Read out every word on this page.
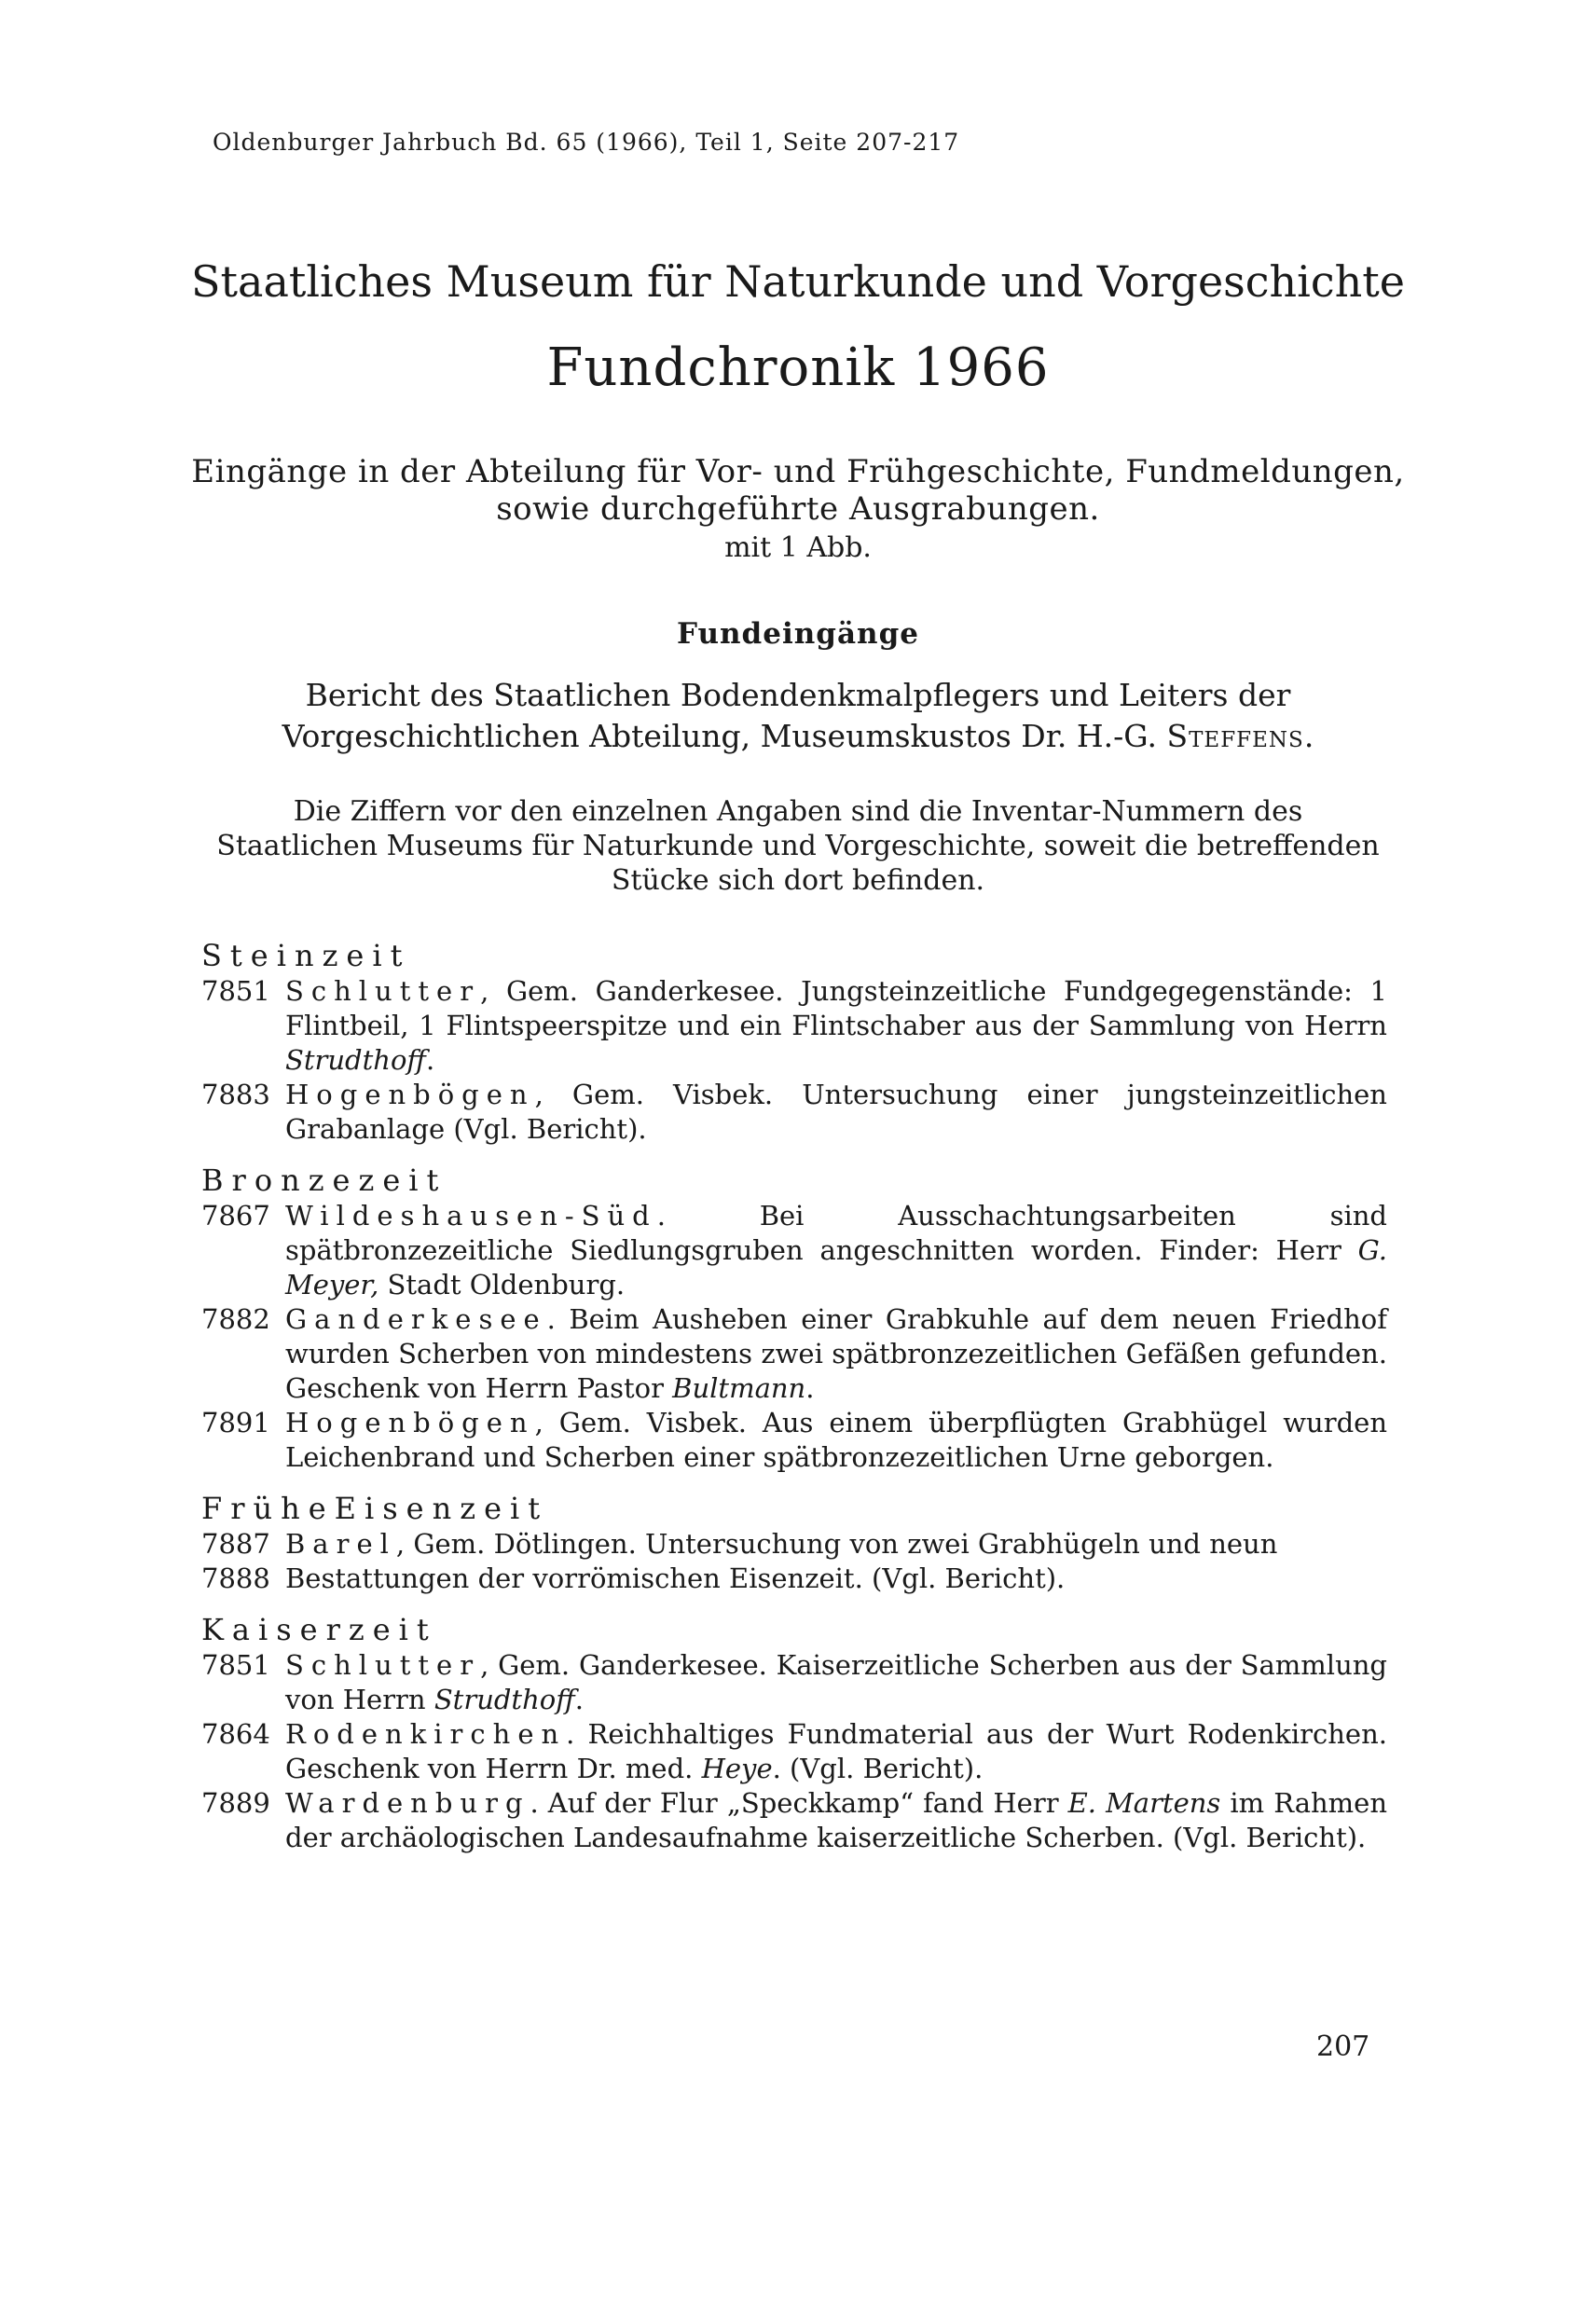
Oldenburger Jahrbuch Bd. 65 (1966), Teil 1, Seite 207-217
Staatliches Museum für Naturkunde und Vorgeschichte
Fundchronik 1966
Eingänge in der Abteilung für Vor- und Frühgeschichte, Fundmeldungen,
sowie durchgeführte Ausgrabungen.
mit 1 Abb.
Fundeingänge
Bericht des Staatlichen Bodendenkmalpflegers und Leiters der Vorgeschichtlichen Abteilung, Museumskustos Dr. H.-G. Steffens.
Die Ziffern vor den einzelnen Angaben sind die Inventar-Nummern des Staatlichen Museums für Naturkunde und Vorgeschichte, soweit die betreffenden Stücke sich dort befinden.
Steinzeit
7851 Schlutter, Gem. Ganderkesee. Jungsteinzeitliche Fundgegegenstände: 1 Flintbeil, 1 Flintspeerspitze und ein Flintschaber aus der Sammlung von Herrn Strudthoff.
7883 Hogenbögen, Gem. Visbek. Untersuchung einer jungsteinzeitlichen Grabanlage (Vgl. Bericht).
Bronzezeit
7867 Wildeshausen-Süd. Bei Ausschachtungsarbeiten sind spätbronzezeitliche Siedlungsgruben angeschnitten worden. Finder: Herr G. Meyer, Stadt Oldenburg.
7882 Ganderkesee. Beim Ausheben einer Grabkuhle auf dem neuen Friedhof wurden Scherben von mindestens zwei spätbronzezeitlichen Gefäßen gefunden. Geschenk von Herrn Pastor Bultmann.
7891 Hogenbögen, Gem. Visbek. Aus einem überpflügten Grabhügel wurden Leichenbrand und Scherben einer spätbronzezeitlichen Urne geborgen.
FrüheEisenzeit
7887 Barel, Gem. Dötlingen. Untersuchung von zwei Grabhügeln und neun
7888 Bestattungen der vorrömischen Eisenzeit. (Vgl. Bericht).
Kaiserzeit
7851 Schlutter, Gem. Ganderkesee. Kaiserzeitliche Scherben aus der Sammlung von Herrn Strudthoff.
7864 Rodenkirchen. Reichhaltiges Fundmaterial aus der Wurt Rodenkirchen. Geschenk von Herrn Dr. med. Heye. (Vgl. Bericht).
7889 Wardenburg. Auf der Flur „Speckkamp“ fand Herr E. Martens im Rahmen der archäologischen Landesaufnahme kaiserzeitliche Scherben. (Vgl. Bericht).
207
